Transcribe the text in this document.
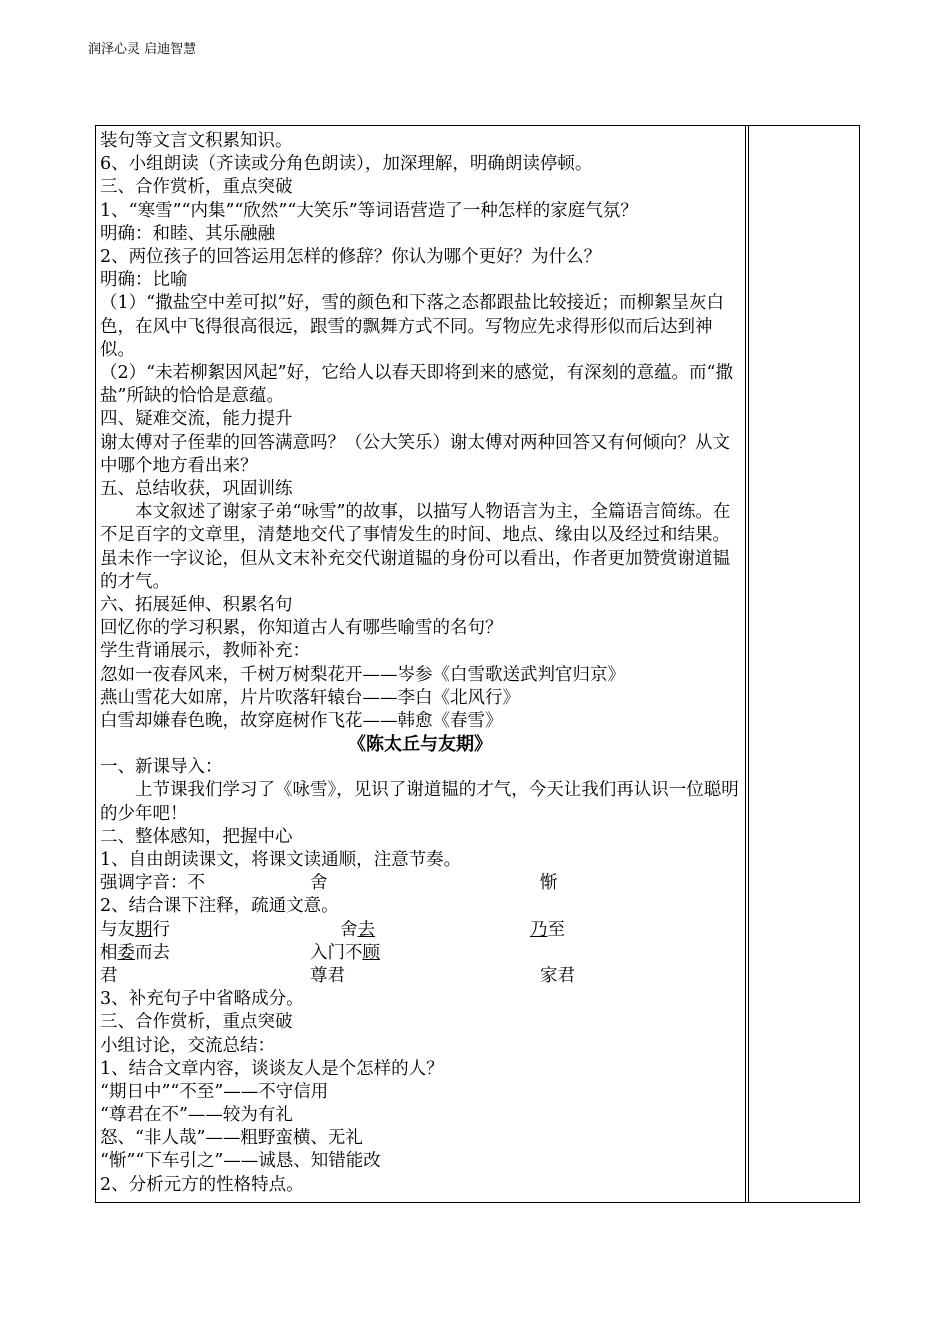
润泽心灵 启迪智慧

装句等文言文积累知识。

6、小组朗读（齐读或分角色朗读），加深理解，明确朗读停顿。

三、合作赏析，重点突破

1、“寒雪”“内集”“欣然”“大笑乐”等词语营造了一种怎样的家庭气氛？

明确：和睦、其乐融融

2、两位孩子的回答运用怎样的修辞？你认为哪个更好？为什么？

明确：比喻

（1）“撒盐空中差可拟”好，雪的颜色和下落之态都跟盐比较接近；而柳絮呈灰白色，在风中飞得很高很远，跟雪的飘舞方式不同。写物应先求得形似而后达到神似。

（2）“未若柳絮因风起”好，它给人以春天即将到来的感觉，有深刻的意蕴。而“撒盐”所缺的恰恰是意蕴。

四、疑难交流，能力提升

谢太傅对子侄辈的回答满意吗？（公大笑乐）谢太傅对两种回答又有何倾向？从文中哪个地方看出来？

五、总结收获，巩固训练

本文叙述了谢家子弟“咏雪”的故事，以描写人物语言为主，全篇语言简练。在不足百字的文章里，清楚地交代了事情发生的时间、地点、缘由以及经过和结果。虽未作一字议论，但从文末补充交代谢道韫的身份可以看出，作者更加赞赏谢道韫的才气。

六、拓展延伸、积累名句

回忆你的学习积累，你知道古人有哪些喻雪的名句？

学生背诵展示，教师补充：

忽如一夜春风来，千树万树梨花开——岑参《白雪歌送武判官归京》

燕山雪花大如席，片片吹落轩辕台——李白《北风行》

白雪却嫌春色晚，故穿庭树作飞花——韩愈《春雪》

《陈太丘与友期》

一、新课导入：

上节课我们学习了《咏雪》，见识了谢道韫的才气，今天让我们再认识一位聪明的少年吧！

二、整体感知，把握中心

1、自由朗读课文，将课文读通顺，注意节奏。

强调字音：不	舍	惭

2、结合课下注释，疏通文意。

与友期行	舍去	乃至
相委而去	入门不顾
君	尊君	家君

3、补充句子中省略成分。

三、合作赏析，重点突破

小组讨论，交流总结：

1、结合文章内容，谈谈友人是个怎样的人？

“期日中”“不至”——不守信用

“尊君在不”——较为有礼

怒、“非人哉”——粗野蛮横、无礼

“惭”“下车引之”——诚恳、知错能改

2、分析元方的性格特点。
